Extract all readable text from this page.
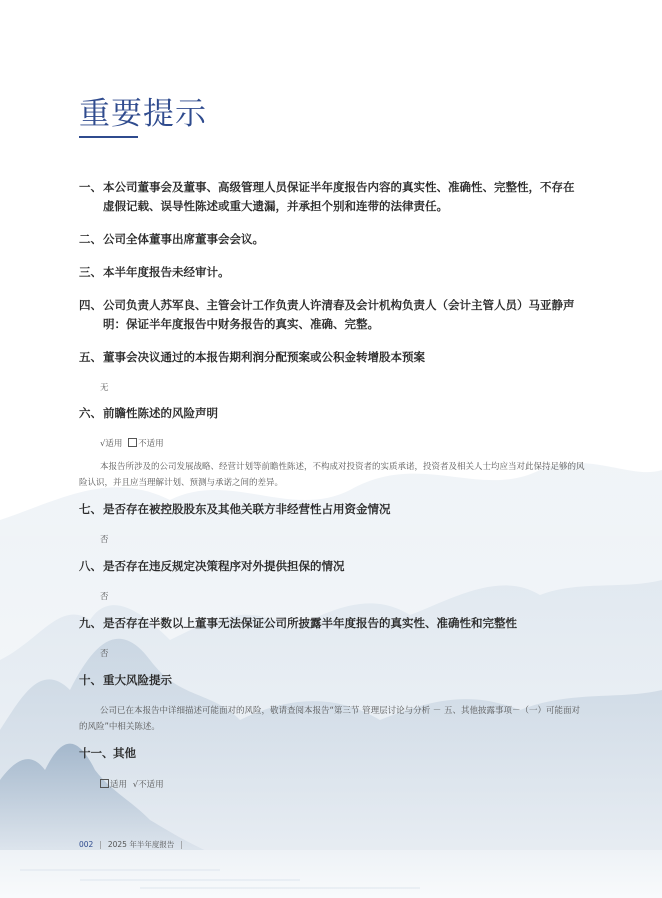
重要提示
一、 本公司董事会及董事、高级管理人员保证半年度报告内容的真实性、准确性、完整性，不存在虚假记载、误导性陈述或重大遗漏，并承担个别和连带的法律责任。
二、 公司全体董事出席董事会会议。
三、 本半年度报告未经审计。
四、 公司负责人苏军良、主管会计工作负责人许清春及会计机构负责人（会计主管人员）马亚静声明：保证半年度报告中财务报告的真实、准确、完整。
五、 董事会决议通过的本报告期利润分配预案或公积金转增股本预案
无
六、 前瞻性陈述的风险声明
√适用 不适用
本报告所涉及的公司发展战略、经营计划等前瞻性陈述，不构成对投资者的实质承诺，投资者及相关人士均应当对此保持足够的风险认识，并且应当理解计划、预测与承诺之间的差异。
七、 是否存在被控股股东及其他关联方非经营性占用资金情况
否
八、 是否存在违反规定决策程序对外提供担保的情况
否
九、 是否存在半数以上董事无法保证公司所披露半年度报告的真实性、准确性和完整性
否
十、 重大风险提示
公司已在本报告中详细描述可能面对的风险，敬请查阅本报告“第三节 管理层讨论与分析 － 五、其他披露事项－（一）可能面对的风险”中相关陈述。
十一、 其他
适用 √不适用
002 | 2025 年半年度报告 |
